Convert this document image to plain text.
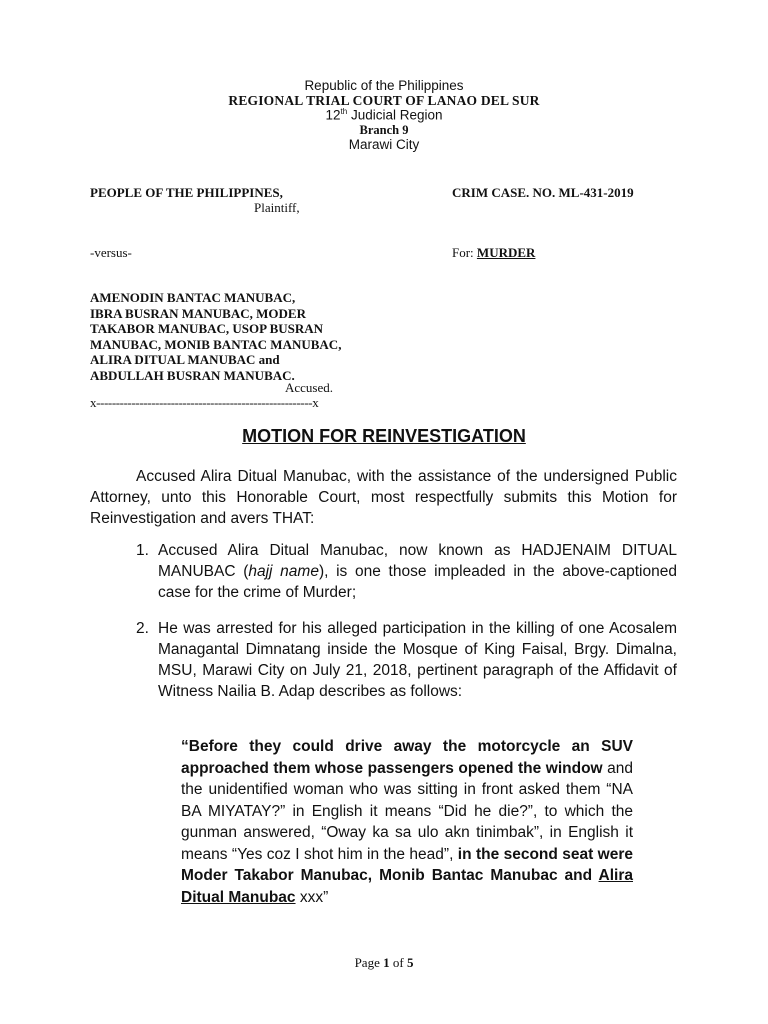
Republic of the Philippines
REGIONAL TRIAL COURT OF LANAO DEL SUR
12th Judicial Region
Branch 9
Marawi City
PEOPLE OF THE PHILIPPINES,
Plaintiff,
CRIM CASE. NO. ML-431-2019
-versus-	For: MURDER
AMENODIN BANTAC MANUBAC,
IBRA BUSRAN MANUBAC, MODER
TAKABOR MANUBAC, USOP BUSRAN
MANUBAC, MONIB BANTAC MANUBAC,
ALIRA DITUAL MANUBAC and
ABDULLAH BUSRAN MANUBAC.
Accused.
x-------------------------------------------------------x
MOTION FOR REINVESTIGATION
Accused Alira Ditual Manubac, with the assistance of the undersigned Public Attorney, unto this Honorable Court, most respectfully submits this Motion for Reinvestigation and avers THAT:
1. Accused Alira Ditual Manubac, now known as HADJENAIM DITUAL MANUBAC (hajj name), is one those impleaded in the above-captioned case for the crime of Murder;
2. He was arrested for his alleged participation in the killing of one Acosalem Managantal Dimnatang inside the Mosque of King Faisal, Brgy. Dimalna, MSU, Marawi City on July 21, 2018, pertinent paragraph of the Affidavit of Witness Nailia B. Adap describes as follows:
“Before they could drive away the motorcycle an SUV approached them whose passengers opened the window and the unidentified woman who was sitting in front asked them “NA BA MIYATAY?” in English it means “Did he die?”, to which the gunman answered, “Oway ka sa ulo akn tinimbak”, in English it means “Yes coz I shot him in the head”, in the second seat were Moder Takabor Manubac, Monib Bantac Manubac and Alira Ditual Manubac xxx”
Page 1 of 5
